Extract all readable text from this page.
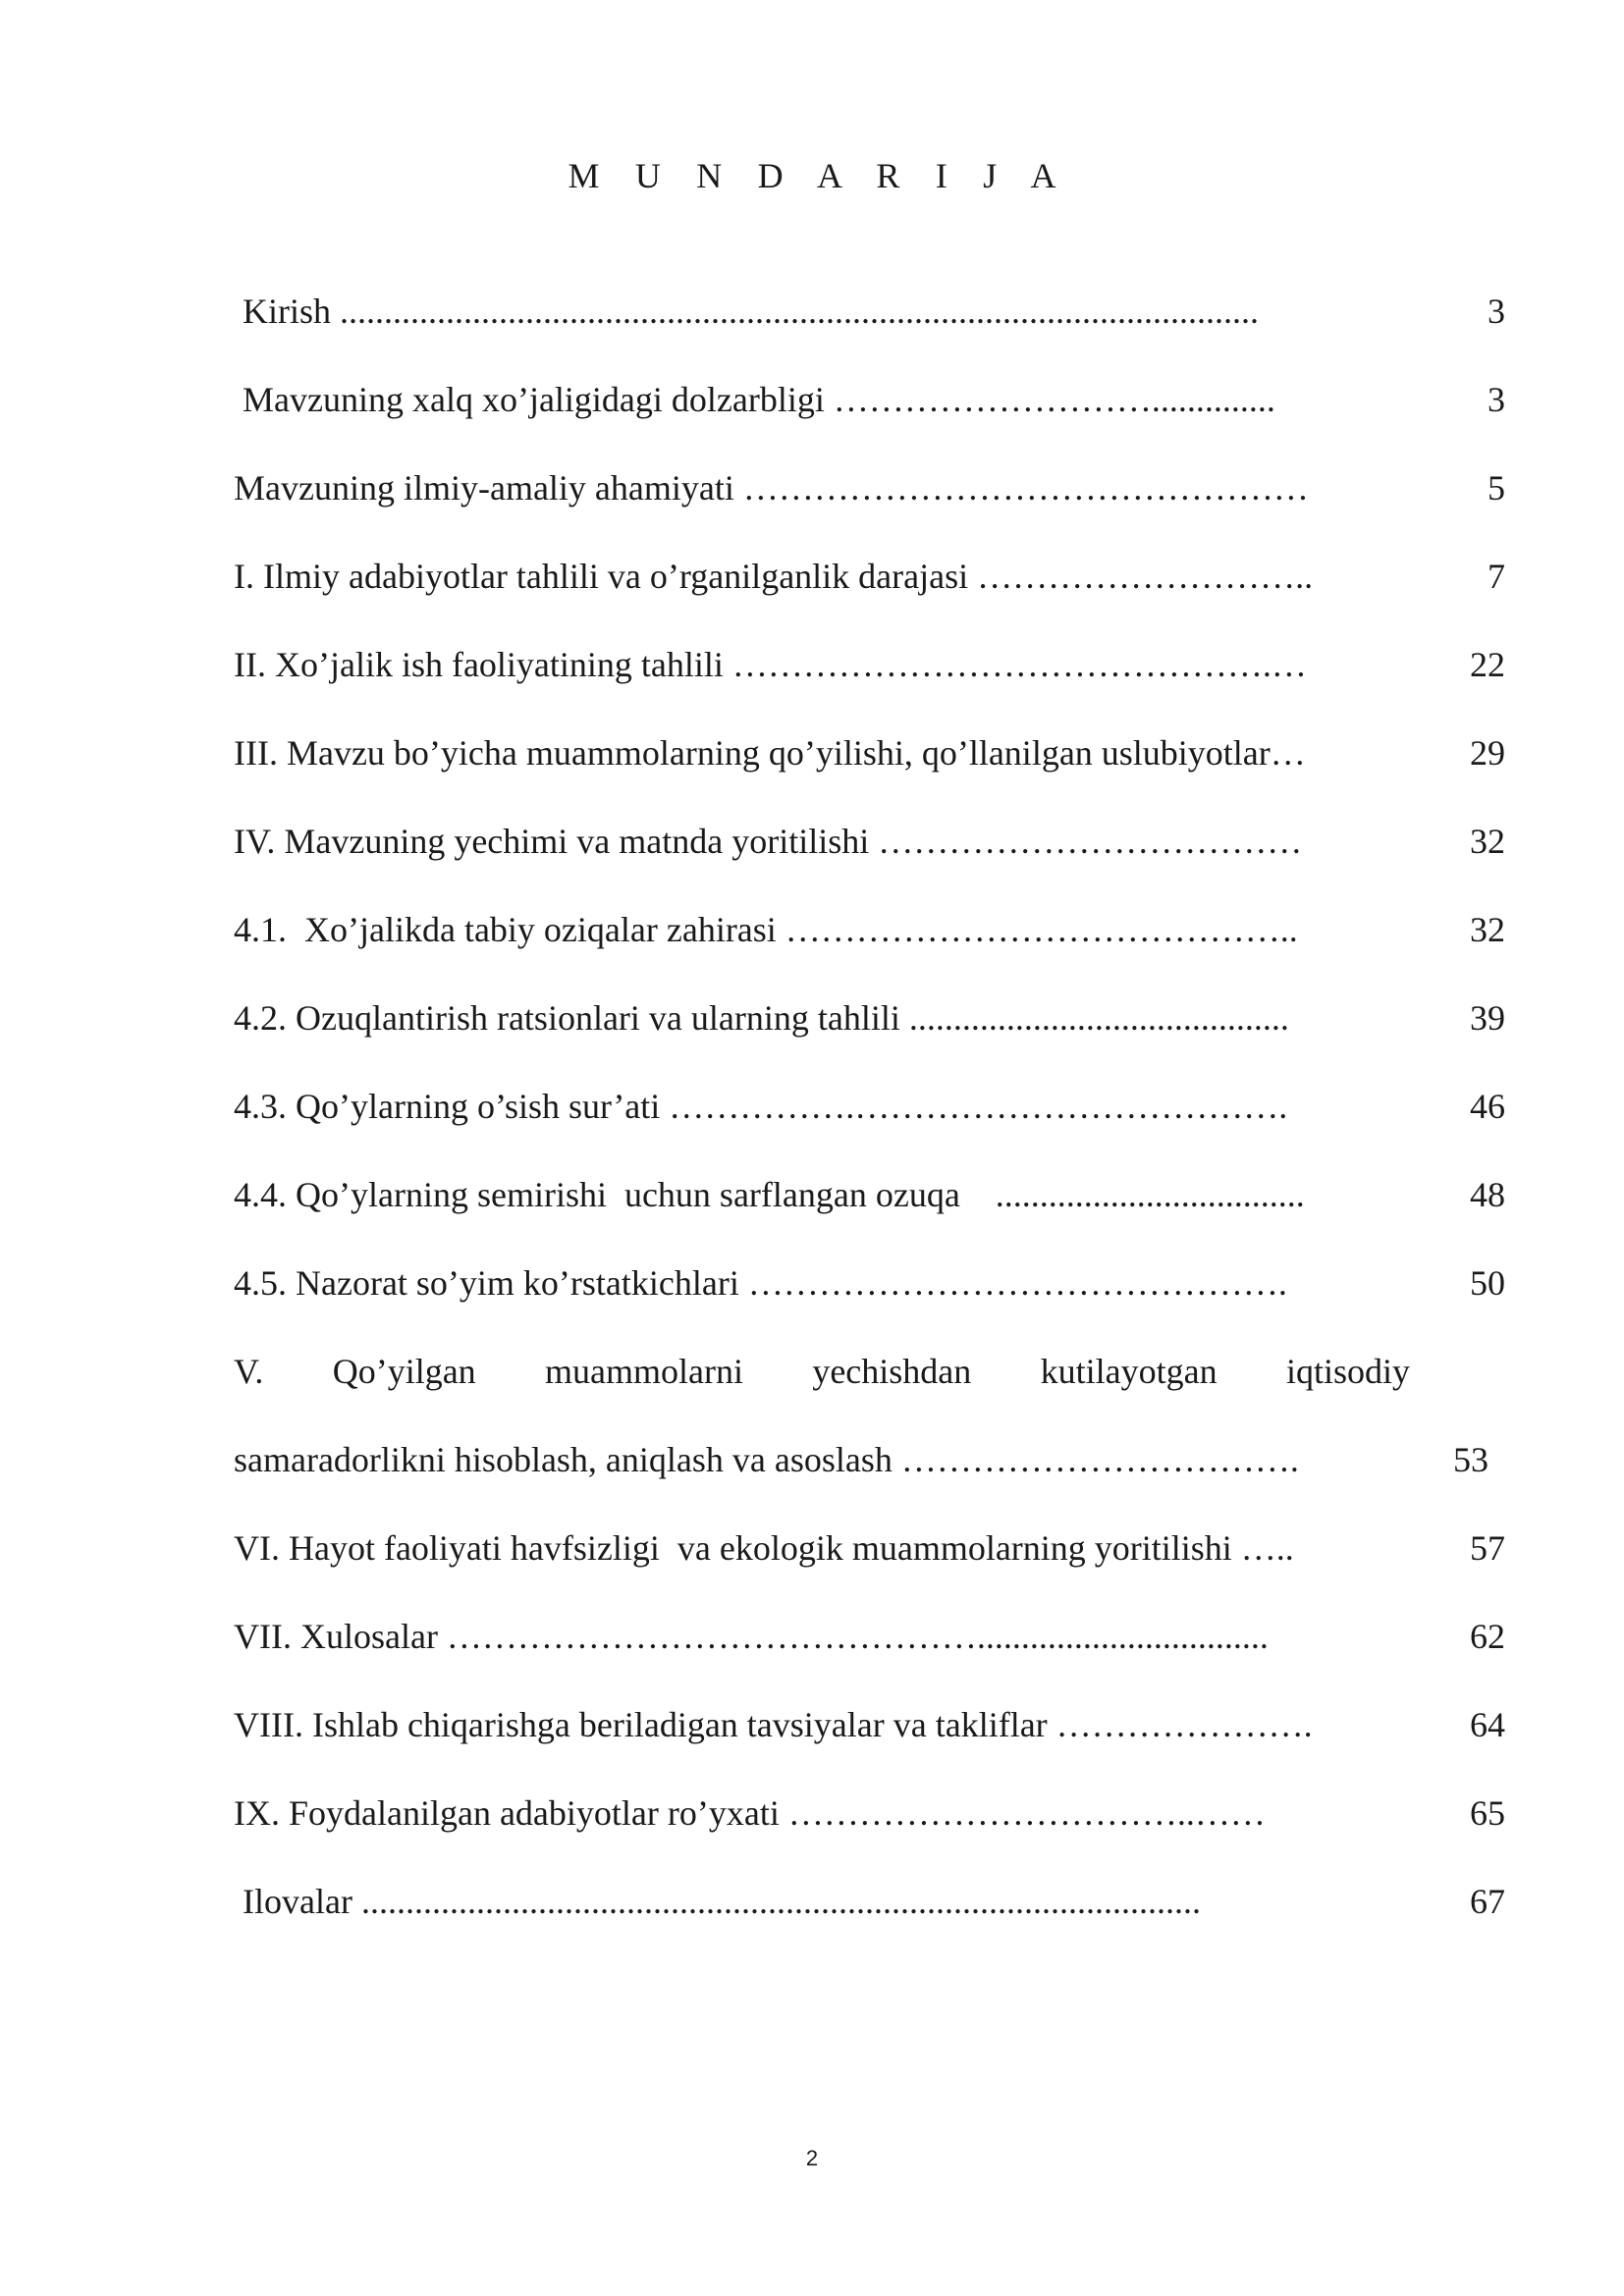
M U N D A R I J A
Kirish ........................................................................................................	3
Mavzuning xalq xo’jaligidagi dolzarbligi ………………………..............	3
Mavzuning ilmiy-amaliy ahamiyati …………………………………………	5
I. Ilmiy adabiyotlar tahlili va o’rganilganlik darajasi ………………………..	7
II. Xo’jalik ish faoliyatining tahlili ……………………………………….…	22
III. Mavzu bo’yicha muammolarning qo’yilishi, qo’llanilgan uslubiyotlar…	29
IV. Mavzuning yechimi va matnda yoritilishi ………………………………	32
4.1.  Xo’jalikda tabiy oziqalar zahirasi ……………………………………..	32
4.2. Ozuqlantirish ratsionlari va ularning tahlili ...........................................	39
4.3. Qo’ylarning o’sish sur’ati …………….……………………………….	46
4.4. Qo’ylarning semirishi  uchun sarflangan ozuqa    ...................................	48
4.5. Nazorat so’yim ko’rstatkichlari ……………………………………….	50
V. Qo’yilgan muammolarni yechishdan kutilayotgan iqtisodiy
samaradorlikni hisoblash, aniqlash va asoslash …………………………….	53
VI. Hayot faoliyati havfsizligi  va ekologik muammolarning yoritilishi …..	57
VII. Xulosalar ……………………………………….................................	62
VIII. Ishlab chiqarishga beriladigan tavsiyalar va takliflar ………………….	64
IX. Foydalanilgan adabiyotlar ro’yxati ……………………………..……	65
Ilovalar ...............................................................................................	67
2
